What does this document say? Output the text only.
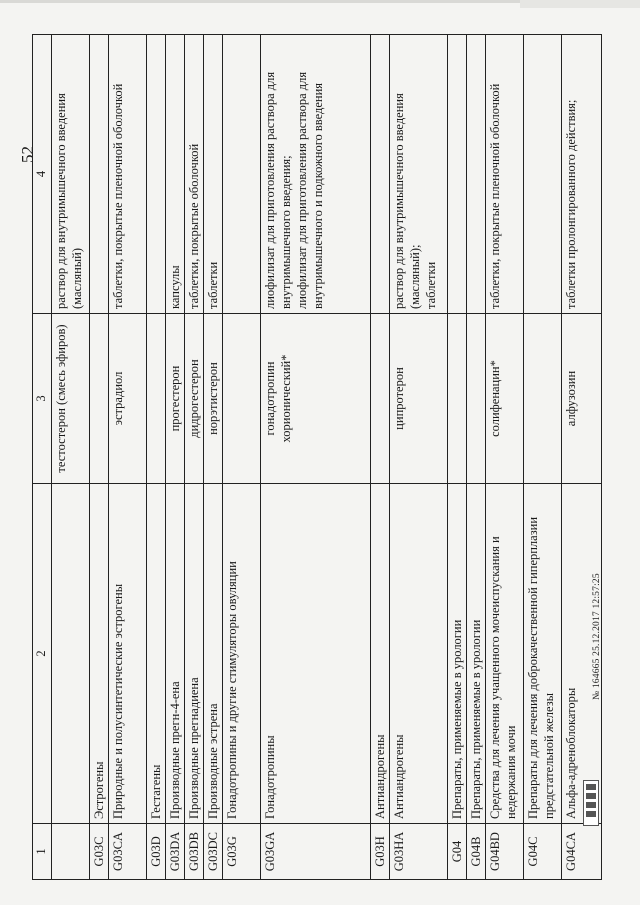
52
1	2	3	4
		тестостерон (смесь эфиров)	раствор для внутримышечного введения (масляный)
G03C	Эстрогены		
G03CA	Природные и полусинтетические эстрогены	эстрадиол	таблетки, покрытые пленочной оболочкой
G03D	Гестагены		
G03DA	Производные прегн-4-ена	прогестерон	капсулы
G03DB	Производные прегнадиена	дидрогестерон	таблетки, покрытые оболочкой
G03DC	Производные эстрена	норэтистерон	таблетки
G03G	Гонадотропины и другие стимуляторы овуляции		
G03GA	Гонадотропины	гонадотропин хорионический*	лиофилизат для приготовления раствора для внутримышечного введения;
лиофилизат для приготовления раствора для внутримышечного и подкожного введения
G03H	Антиандрогены		
G03HA	Антиандрогены	ципротерон	раствор для внутримышечного введения (масляный);
таблетки
G04	Препараты, применяемые в урологии		
G04B	Препараты, применяемые в урологии		
G04BD	Средства для лечения учащенного мочеиспускания и недержания мочи	солифенацин*	таблетки, покрытые пленочной оболочкой
G04C	Препараты для лечения доброкачественной гиперплазии предстательной железы		
G04CA	Альфа-адреноблокаторы	алфузозин	таблетки пролонгированного действия;
№ 164665 25.12.2017 12:57:25
